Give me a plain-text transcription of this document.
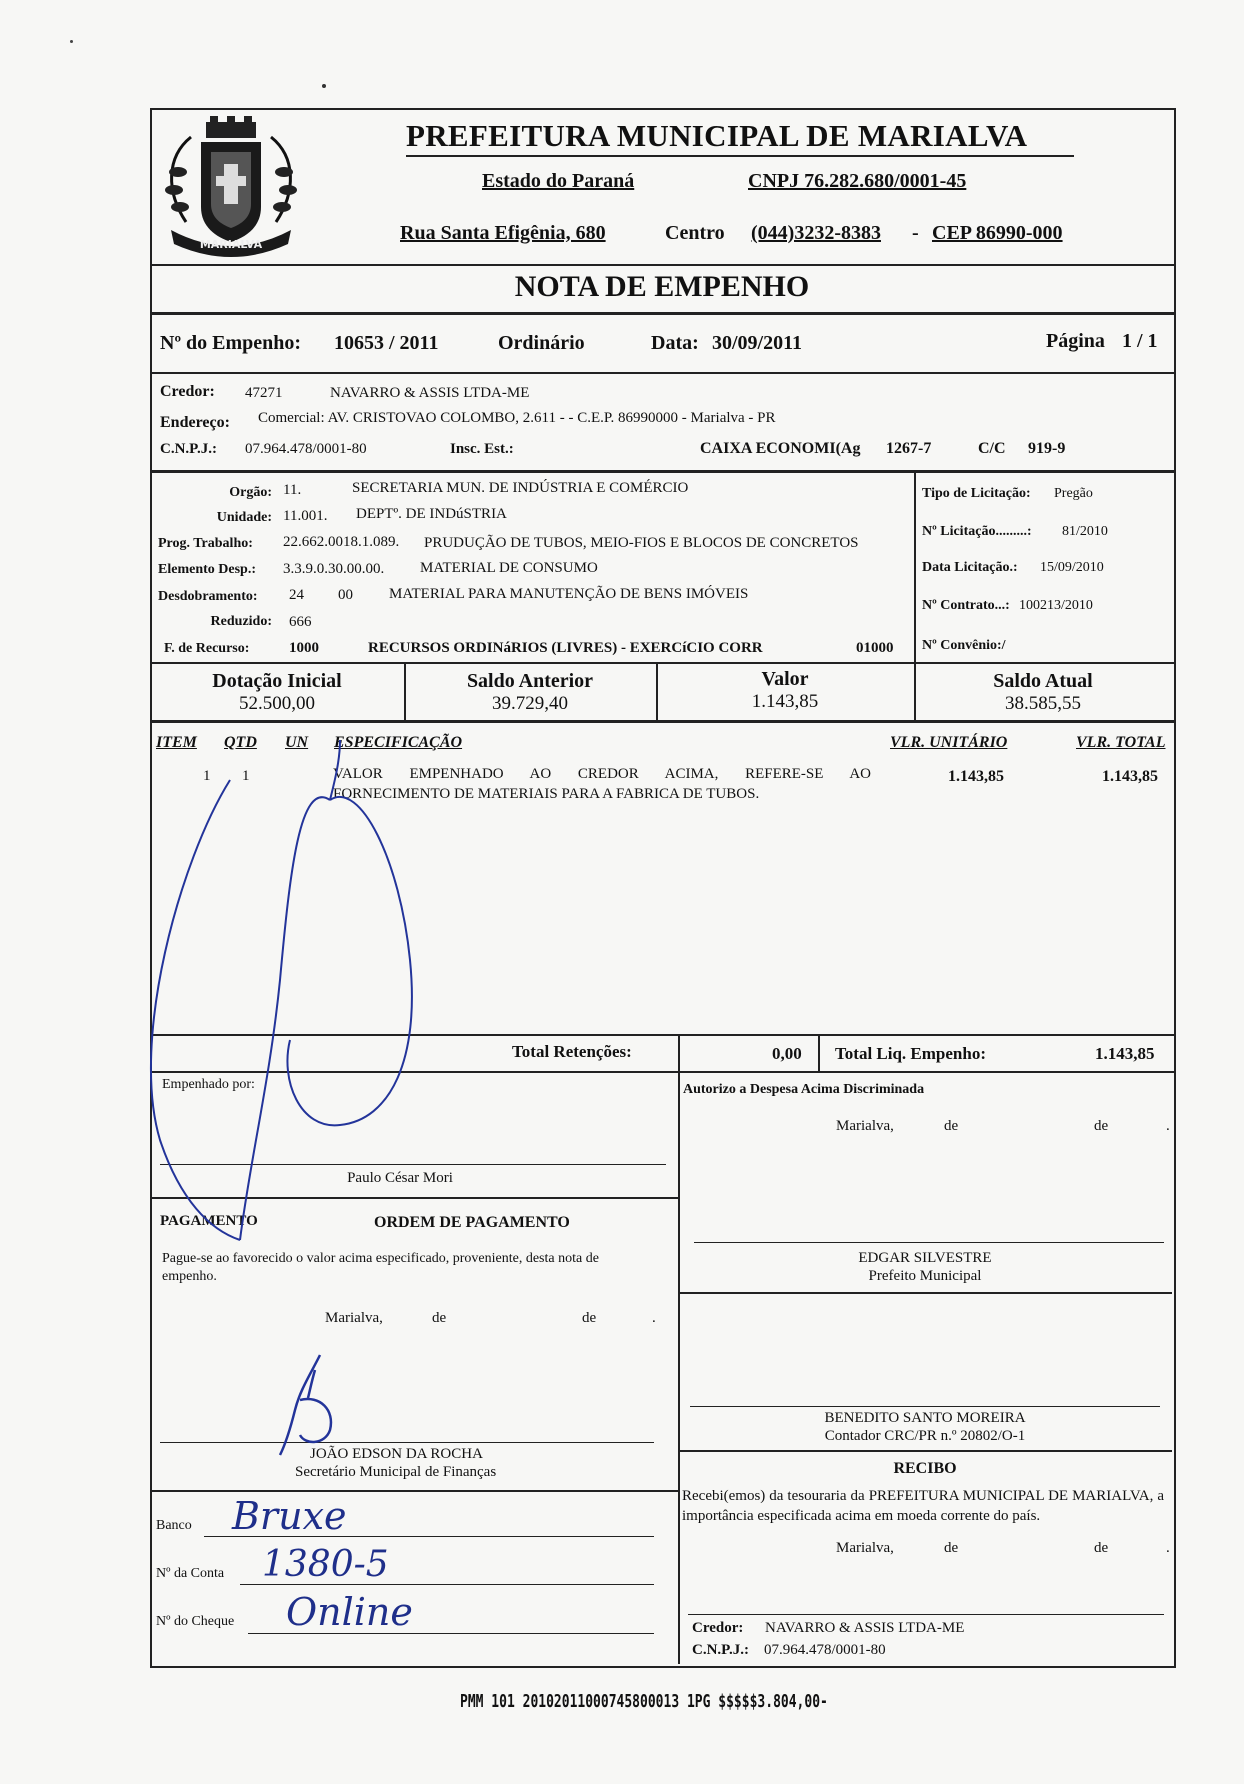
MARIALVA
PREFEITURA MUNICIPAL DE MARIALVA
Estado do Paraná	CNPJ 76.282.680/0001-45
Rua Santa Efigênia, 680	Centro (044)3232-8383 - CEP 86990-000
NOTA DE EMPENHO
Nº do Empenho: 10653 / 2011	Ordinário	Data: 30/09/2011	Página 1 / 1
Credor: 47271	NAVARRO & ASSIS LTDA-ME
Endereço: Comercial: AV. CRISTOVAO COLOMBO, 2.611 - - C.E.P. 86990000 - Marialva - PR
C.N.P.J.: 07.964.478/0001-80	Insc. Est.:	CAIXA ECONOMI(Ag 1267-7	C/C 919-9
Orgão: 11.	SECRETARIA MUN. DE INDÚSTRIA E COMÉRCIO
Unidade: 11.001. DEPTº. DE INDúSTRIA
Prog. Trabalho: 22.662.0018.1.089. PRUDUÇÃO DE TUBOS, MEIO-FIOS E BLOCOS DE CONCRETOS
Elemento Desp.: 3.3.9.0.30.00.00. MATERIAL DE CONSUMO
Desdobramento: 24 00 MATERIAL PARA MANUTENÇÃO DE BENS IMÓVEIS
Reduzido: 666
F. de Recurso:	1000	RECURSOS ORDINáRIOS (LIVRES) - EXERCíCIO CORR	01000
Tipo de Licitação: Pregão
Nº Licitação.........: 81/2010
Data Licitação.: 15/09/2010
Nº Contrato...: 100213/2010
Nº Convênio:/
Dotação Inicial
52.500,00
Saldo Anterior
39.729,40
Valor
1.143,85
Saldo Atual
38.585,55
ITEM QTD UN ESPECIFICAÇÃO	VLR. UNITÁRIO	VLR. TOTAL
1 1	VALOR EMPENHADO AO CREDOR ACIMA, REFERE-SE AO
FORNECIMENTO DE MATERIAIS PARA A FABRICA DE TUBOS.
1.143,85	1.143,85
Total Retenções:	0,00 Total Liq. Empenho:	1.143,85
Empenhado por:
Paulo César Mori
PAGAMENTO	ORDEM DE PAGAMENTO
Pague-se ao favorecido o valor acima especificado, proveniente, desta nota de empenho.
Marialva,	de	de	.
JOÃO EDSON DA ROCHA
Secretário Municipal de Finanças
Banco Bruxe
Nº da Conta 1380-5
Nº do Cheque Online
Autorizo a Despesa Acima Discriminada
Marialva,	de	de	.
EDGAR SILVESTRE
Prefeito Municipal
BENEDITO SANTO MOREIRA
Contador CRC/PR n.º 20802/O-1
RECIBO
Recebi(emos) da tesouraria da PREFEITURA MUNICIPAL DE MARIALVA, a importância especificada acima em moeda corrente do país.
Marialva,	de	de	.
Credor: NAVARRO & ASSIS LTDA-ME
C.N.P.J.: 07.964.478/0001-80
PMM 101 20102011000745800013 1PG $$$$$3.804,00-
